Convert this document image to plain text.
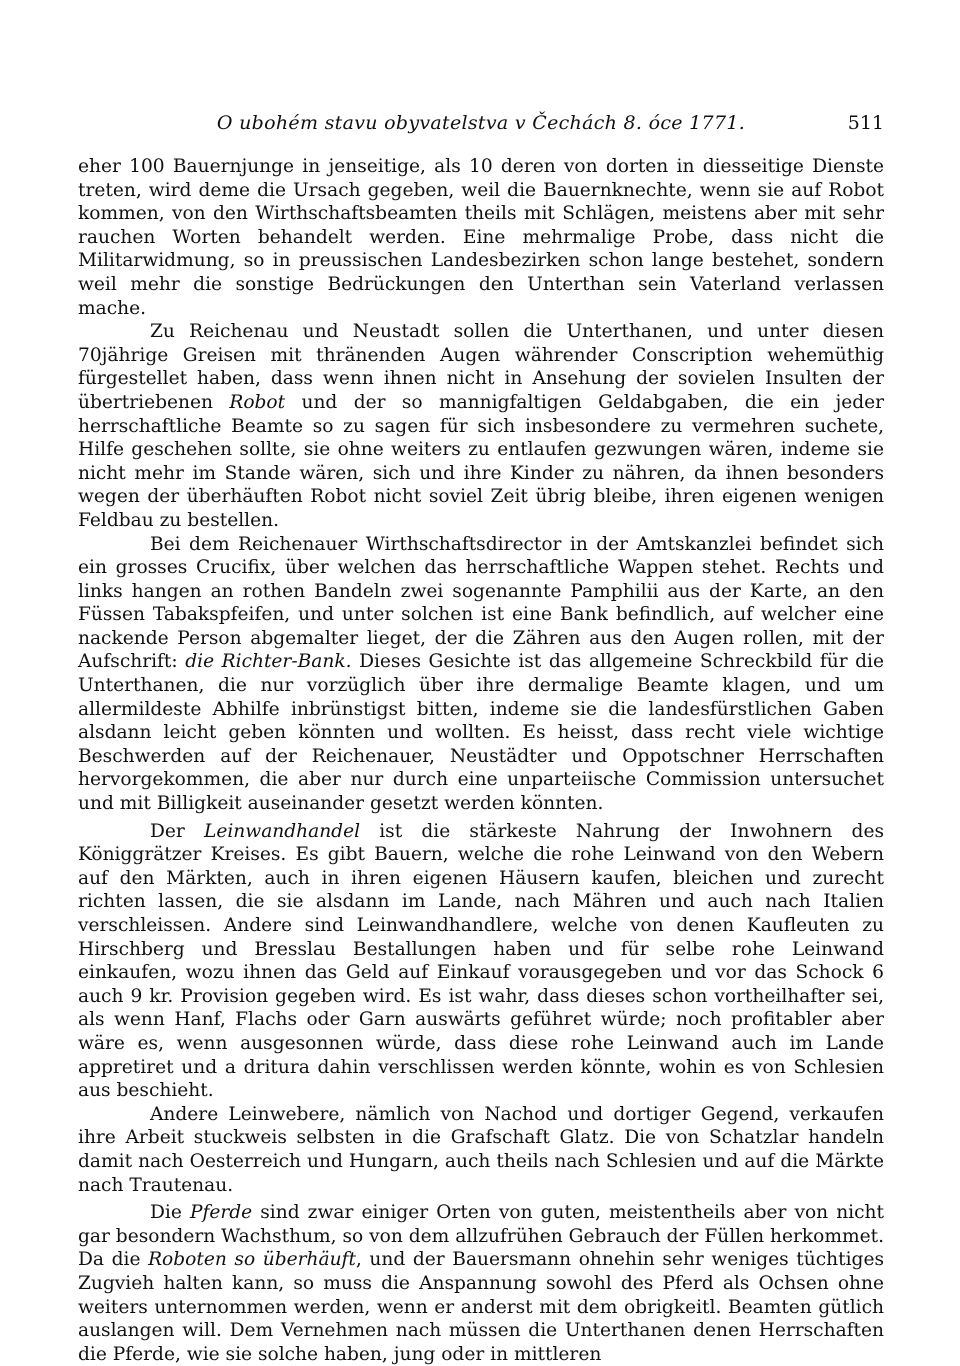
O ubohém stavu obyvatelstva v Čechách 8. óce 1771.	511

eher 100 Bauernjunge in jenseitige, als 10 deren von dorten in diesseitige Dienste treten, wird deme die Ursach gegeben, weil die Bauernknechte, wenn sie auf Robot kommen, von den Wirthschaftsbeamten theils mit Schlägen, meistens aber mit sehr rauchen Worten behandelt werden. Eine mehrmalige Probe, dass nicht die Militarwidmung, so in preussischen Landesbezirken schon lange bestehet, sondern weil mehr die sonstige Bedrückungen den Unterthan sein Vaterland verlassen mache.

Zu Reichenau und Neustadt sollen die Unterthanen, und unter diesen 70jährige Greisen mit thränenden Augen währender Conscription wehemüthig fürgestellet haben, dass wenn ihnen nicht in Ansehung der sovielen Insulten der übertriebenen Robot und der so mannigfaltigen Geldabgaben, die ein jeder herrschaftliche Beamte so zu sagen für sich insbesondere zu vermehren suchete, Hilfe geschehen sollte, sie ohne weiters zu entlaufen gezwungen wären, indeme sie nicht mehr im Stande wären, sich und ihre Kinder zu nähren, da ihnen besonders wegen der überhäuften Robot nicht soviel Zeit übrig bleibe, ihren eigenen wenigen Feldbau zu bestellen.

Bei dem Reichenauer Wirthschaftsdirector in der Amtskanzlei befindet sich ein grosses Crucifix, über welchen das herrschaftliche Wappen stehet. Rechts und links hangen an rothen Bandeln zwei sogenannte Pamphilii aus der Karte, an den Füssen Tabakspfeifen, und unter solchen ist eine Bank befindlich, auf welcher eine nackende Person abgemalter lieget, der die Zähren aus den Augen rollen, mit der Aufschrift: die Richter-Bank. Dieses Gesichte ist das allgemeine Schreckbild für die Unterthanen, die nur vorzüglich über ihre dermalige Beamte klagen, und um allermildeste Abhilfe inbrünstigst bitten, indeme sie die landesfürstlichen Gaben alsdann leicht geben könnten und wollten. Es heisst, dass recht viele wichtige Beschwerden auf der Reichenauer, Neustädter und Oppotschner Herrschaften hervorgekommen, die aber nur durch eine unparteiische Commission untersuchet und mit Billigkeit auseinander gesetzt werden könnten.

Der Leinwandhandel ist die stärkeste Nahrung der Inwohnern des Königgrätzer Kreises. Es gibt Bauern, welche die rohe Leinwand von den Webern auf den Märkten, auch in ihren eigenen Häusern kaufen, bleichen und zurecht richten lassen, die sie alsdann im Lande, nach Mähren und auch nach Italien verschleissen. Andere sind Leinwandhandlere, welche von denen Kaufleuten zu Hirschberg und Bresslau Bestallungen haben und für selbe rohe Leinwand einkaufen, wozu ihnen das Geld auf Einkauf vorausgegeben und vor das Schock 6 auch 9 kr. Provision gegeben wird. Es ist wahr, dass dieses schon vortheilhafter sei, als wenn Hanf, Flachs oder Garn auswärts geführet würde; noch profitabler aber wäre es, wenn ausgesonnen würde, dass diese rohe Leinwand auch im Lande appretiret und a dritura dahin verschlissen werden könnte, wohin es von Schlesien aus beschieht.

Andere Leinwebere, nämlich von Nachod und dortiger Gegend, verkaufen ihre Arbeit stuckweis selbsten in die Grafschaft Glatz. Die von Schatzlar handeln damit nach Oesterreich und Hungarn, auch theils nach Schlesien und auf die Märkte nach Trautenau.

Die Pferde sind zwar einiger Orten von guten, meistentheils aber von nicht gar besondern Wachsthum, so von dem allzufrühen Gebrauch der Füllen herkommet. Da die Roboten so überhäuft, und der Bauersmann ohnehin sehr weniges tüchtiges Zugvieh halten kann, so muss die Anspannung sowohl des Pferd als Ochsen ohne weiters unternommen werden, wenn er anderst mit dem obrigkeitl. Beamten gütlich auslangen will. Dem Vernehmen nach müssen die Unterthanen denen Herrschaften die Pferde, wie sie solche haben, jung oder in mittleren
